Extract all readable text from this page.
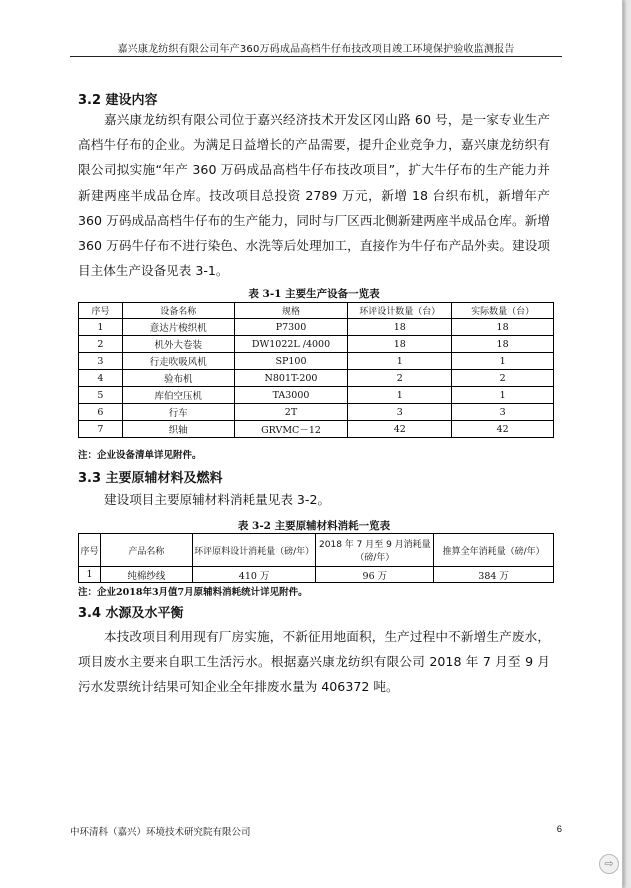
嘉兴康龙纺织有限公司年产360万码成品高档牛仔布技改项目竣工环境保护验收监测报告
3.2 建设内容

嘉兴康龙纺织有限公司位于嘉兴经济技术开发区冈山路 60 号，是一家专业生产高档牛仔布的企业。为满足日益增长的产品需要，提升企业竞争力，嘉兴康龙纺织有限公司拟实施“年产 360 万码成品高档牛仔布技改项目”，扩大牛仔布的生产能力并新建两座半成品仓库。技改项目总投资 2789 万元，新增 18 台织布机，新增年产 360 万码成品高档牛仔布的生产能力，同时与厂区西北侧新建两座半成品仓库。新增 360 万码牛仔布不进行染色、水洗等后处理加工，直接作为牛仔布产品外卖。建设项目主体生产设备见表 3-1。

表 3-1 主要生产设备一览表
序号	设备名称	规格	环评设计数量（台）	实际数量（台）
1	意达片梭织机	P7300	18	18
2	机外大卷装	DW1022L /4000	18	18
3	行走吹吸风机	SP100	1	1
4	验布机	N801T-200	2	2
5	库伯空压机	TA3000	1	1
6	行车	2T	3	3
7	织轴	GRVMC－12	42	42
注：企业设备清单详见附件。
3.3 主要原辅材料及燃料

建设项目主要原辅材料消耗量见表 3-2。

表 3-2 主要原辅材料消耗一览表
序号	产品名称	环评原料设计消耗量（磅/年）	2018 年 7 月至 9 月消耗量（磅/年）	推算全年消耗量（磅/年）
1	纯棉纱线	410 万	96 万	384 万
注：企业2018年3月值7月原辅料消耗统计详见附件。
3.4 水源及水平衡

本技改项目利用现有厂房实施，不新征用地面积，生产过程中不新增生产废水，项目废水主要来自职工生活污水。根据嘉兴康龙纺织有限公司 2018 年 7 月至 9 月污水发票统计结果可知企业全年排废水量为 406372 吨。

中环清科（嘉兴）环境技术研究院有限公司	6
⇨
